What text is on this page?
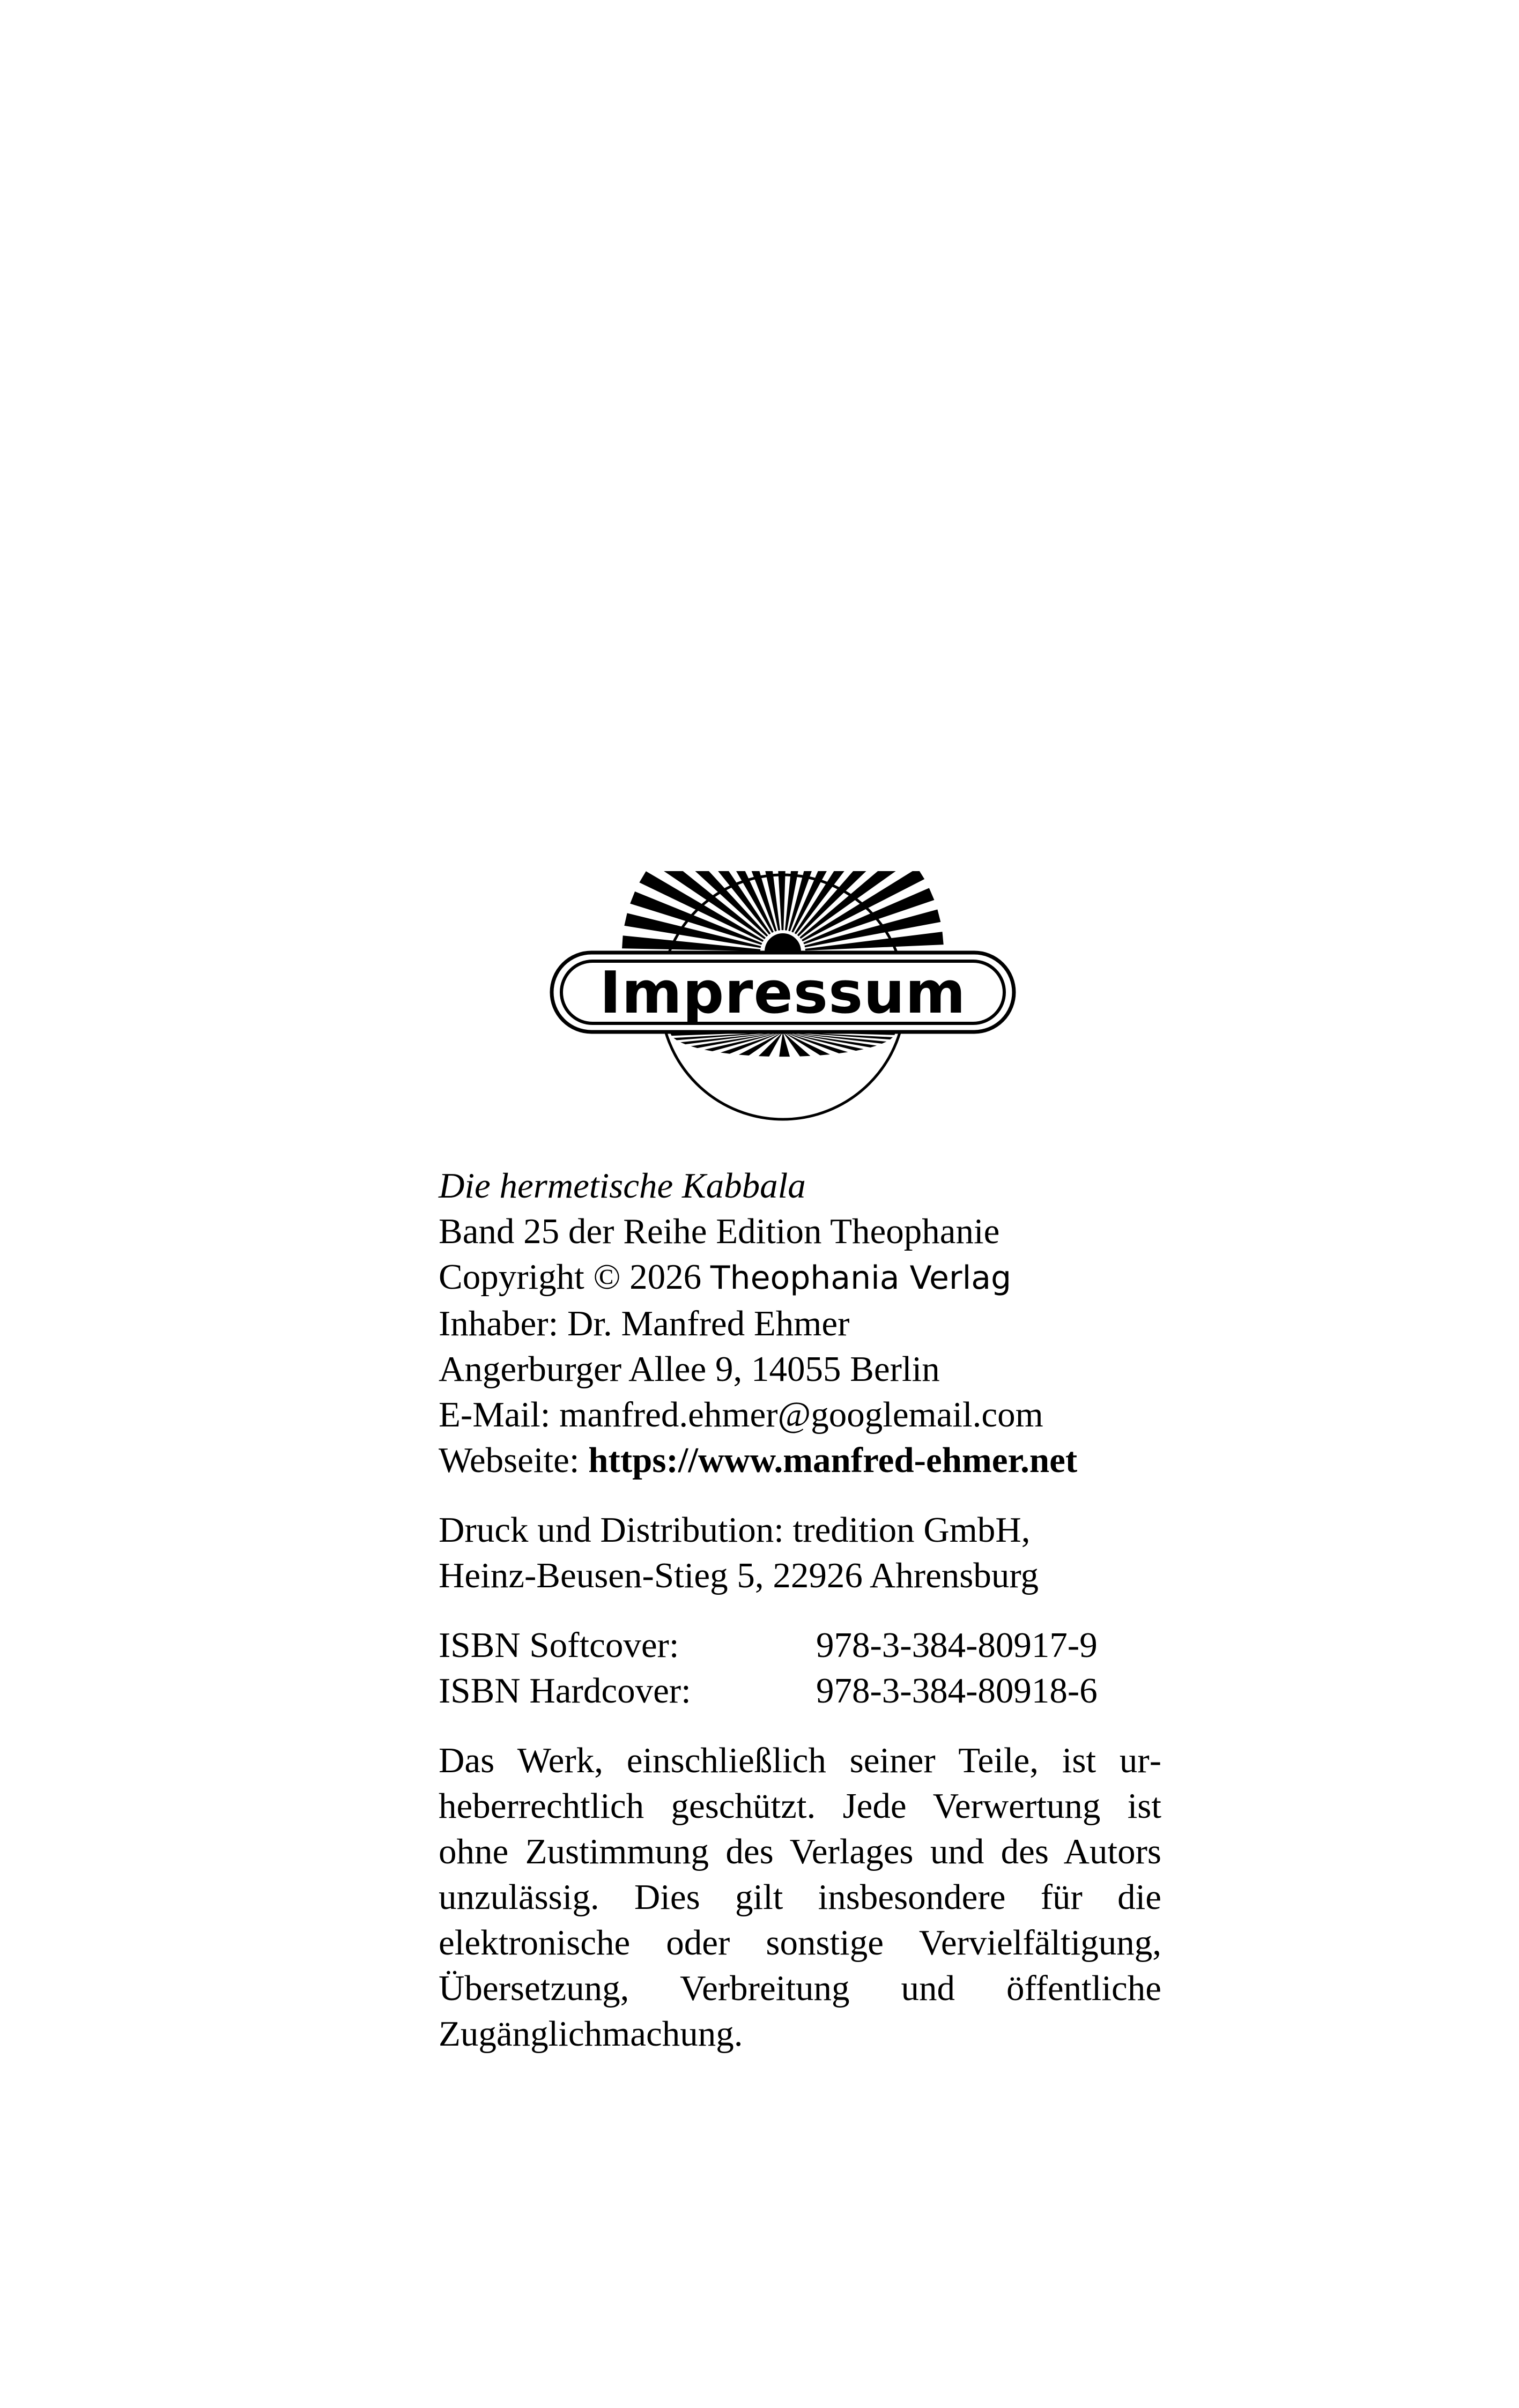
Impressum
Die hermetische Kabbala
Band 25 der Reihe Edition Theophanie
Copyright © 2026 Theophania Verlag
Inhaber: Dr. Manfred Ehmer
Angerburger Allee 9, 14055 Berlin
E-Mail: manfred.ehmer@googlemail.com
Webseite: https://www.manfred-ehmer.net
Druck und Distribution: tredition GmbH,
Heinz-Beusen-Stieg 5, 22926 Ahrensburg
ISBN Softcover:	978-3-384-80917-9
ISBN Hardcover:	978-3-384-80918-6
Das Werk, einschließlich seiner Teile, ist urheberrechtlich geschützt. Jede Verwertung ist ohne Zustimmung des Verlages und des Autors unzulässig. Dies gilt insbesondere für die elektronische oder sonstige Vervielfältigung, Übersetzung, Verbreitung und öffentliche Zugänglichmachung.
